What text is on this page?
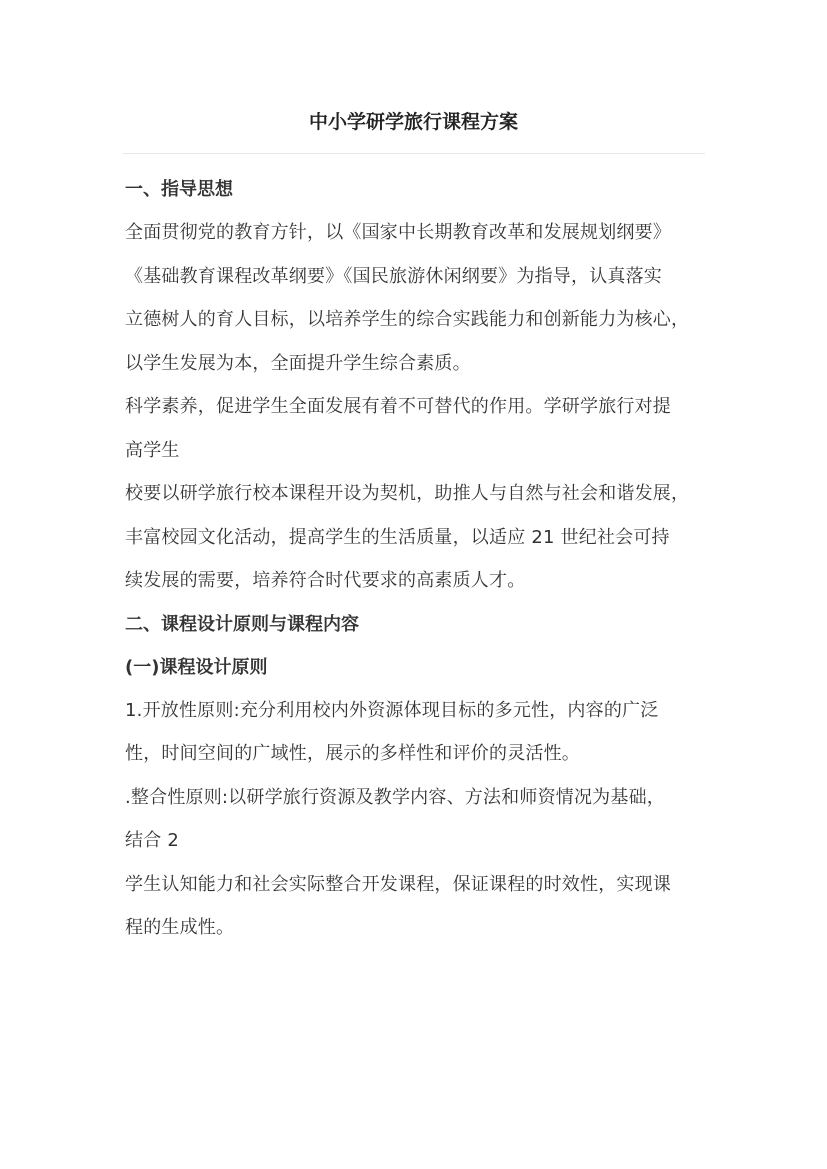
中小学研学旅行课程方案
一、指导思想

全面贯彻党的教育方针，以《国家中长期教育改革和发展规划纲要》

《基础教育课程改革纲要》《国民旅游休闲纲要》为指导，认真落实

立德树人的育人目标，以培养学生的综合实践能力和创新能力为核心，

以学生发展为本，全面提升学生综合素质。

科学素养，促进学生全面发展有着不可替代的作用。学研学旅行对提

高学生

校要以研学旅行校本课程开设为契机，助推人与自然与社会和谐发展，

丰富校园文化活动，提高学生的生活质量，以适应 21 世纪社会可持

续发展的需要，培养符合时代要求的高素质人才。

二、课程设计原则与课程内容
(一)课程设计原则

1.开放性原则:充分利用校内外资源体现目标的多元性，内容的广泛

性，时间空间的广域性，展示的多样性和评价的灵活性。

.整合性原则:以研学旅行资源及教学内容、方法和师资情况为基础，

结合 2

学生认知能力和社会实际整合开发课程，保证课程的时效性，实现课

程的生成性。
